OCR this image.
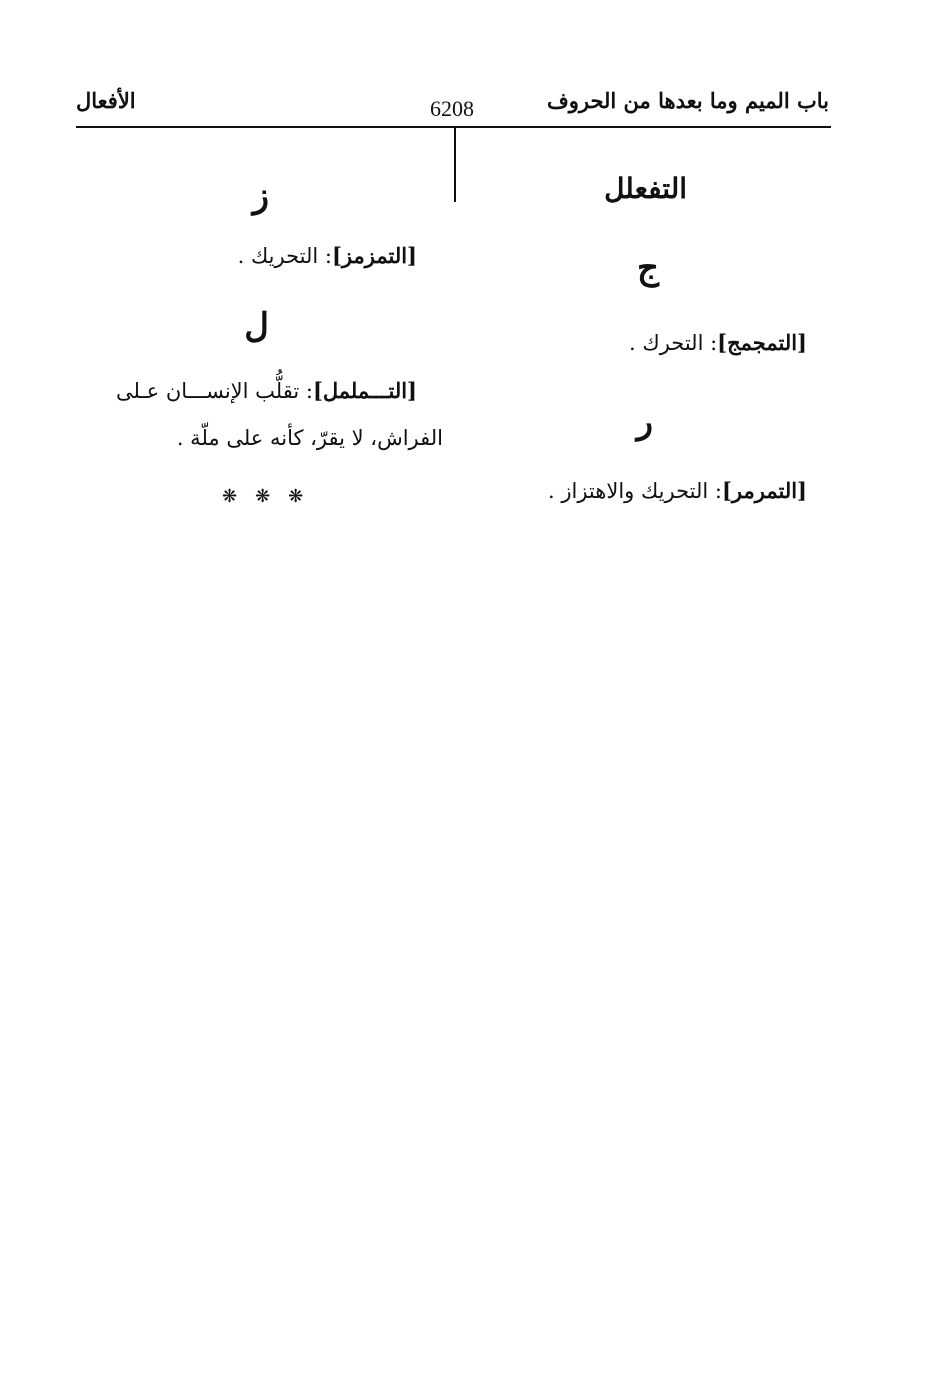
باب الميم وما بعدها من الحروف
6208
الأفعال
التفعلل
ج
[التمجمج]: التحرك .
ر
[التمرمر]: التحريك والاهتزاز .
ز
[التمزمز]: التحريك .
ل
[التـــململ]: تقلُّب الإنســـان عـلى
الفراش، لا يقرّ، كأنه على ملّة .
❋❋❋
